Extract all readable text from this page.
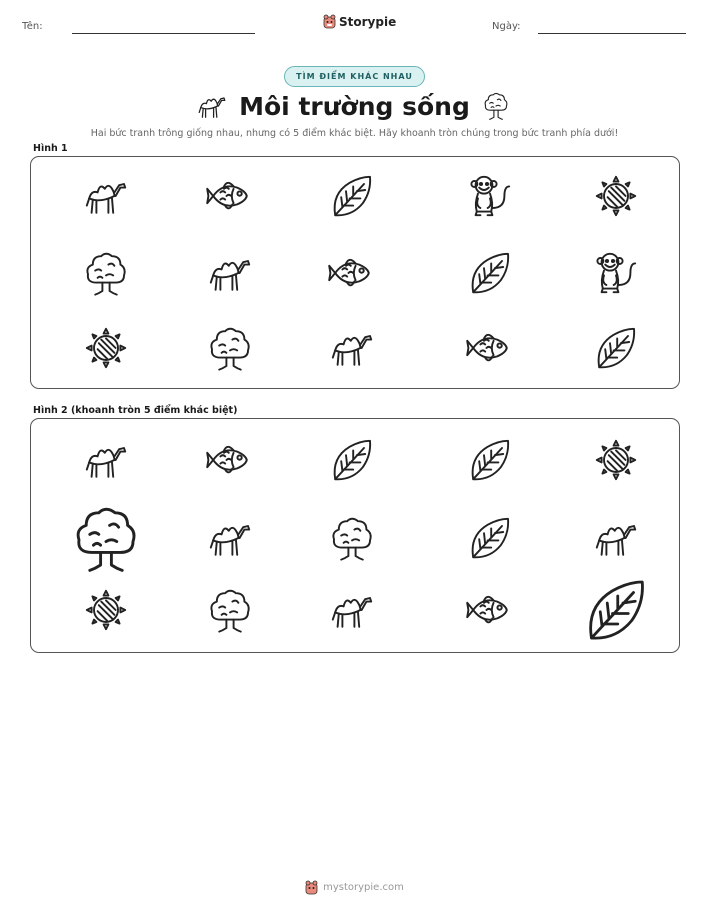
Tên:	Storypie	Ngày:
TÌM ĐIỂM KHÁC NHAU
Môi trường sống
Hai bức tranh trông giống nhau, nhưng có 5 điểm khác biệt. Hãy khoanh tròn chúng trong bức tranh phía dưới!
Hình 1
Hình 2 (khoanh tròn 5 điểm khác biệt)
mystorypie.com
